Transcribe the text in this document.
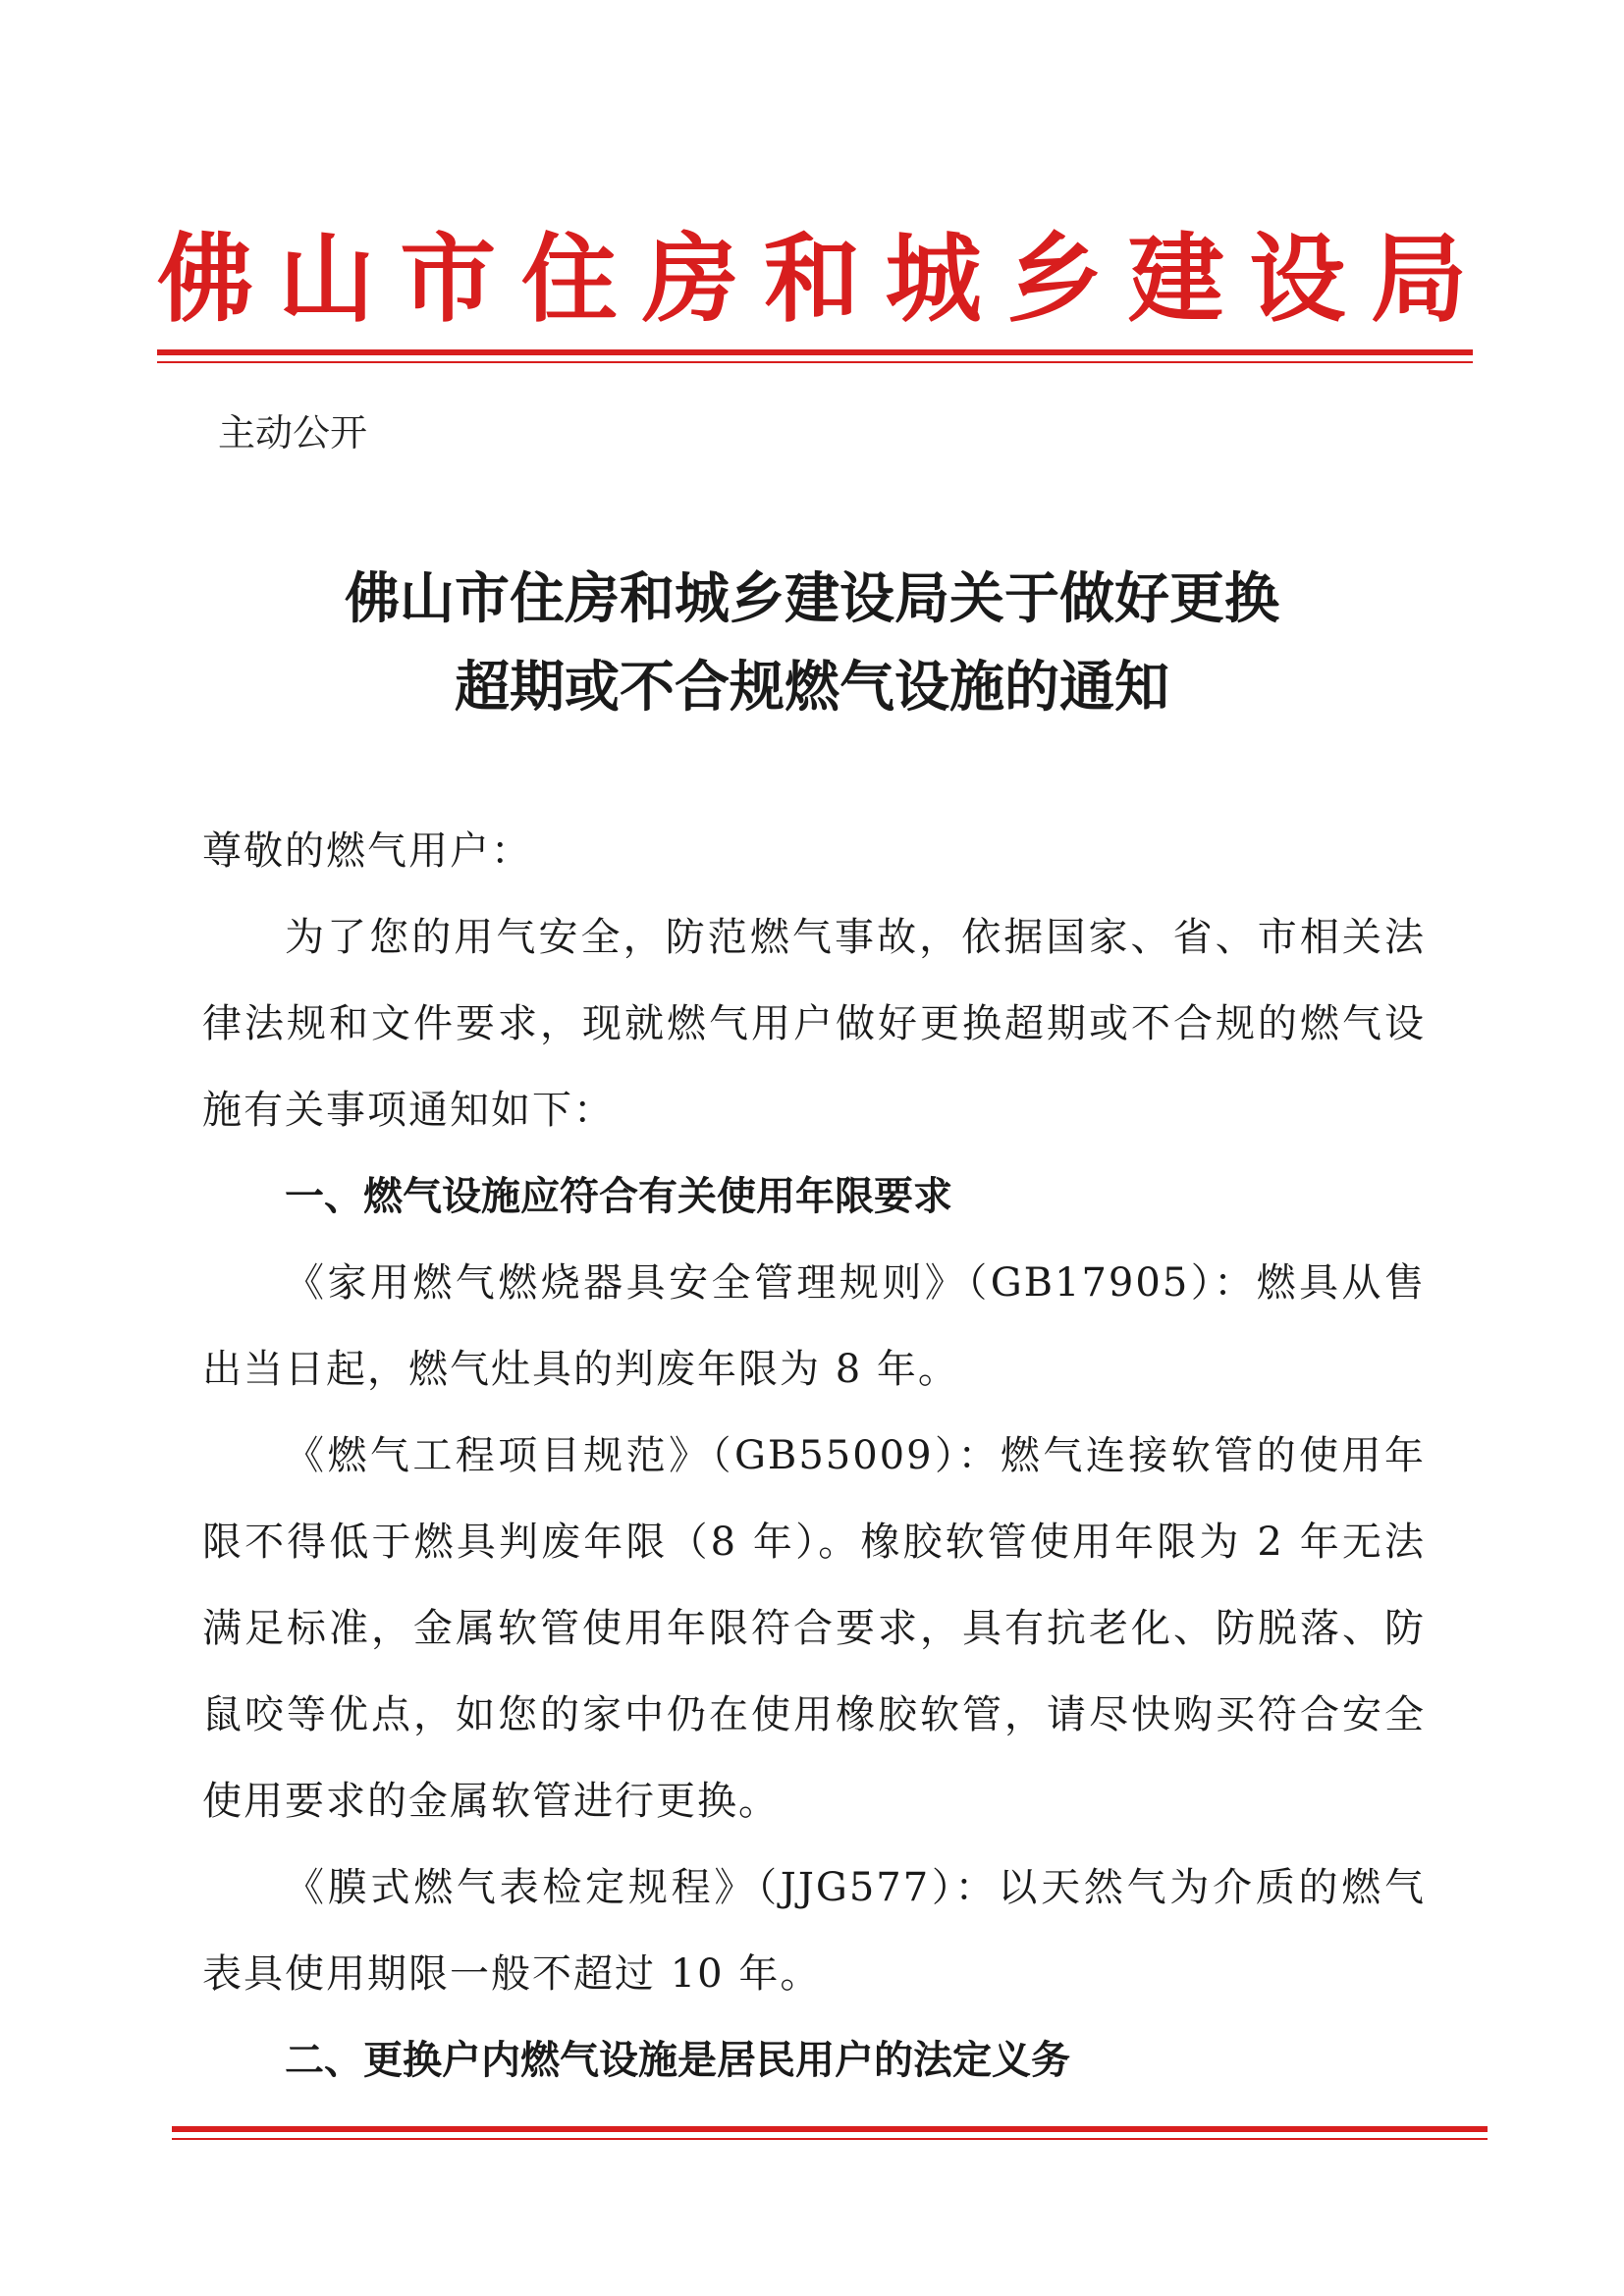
佛 山 市 住 房 和 城 乡 建 设 局
主动公开
佛山市住房和城乡建设局关于做好更换
超期或不合规燃气设施的通知
尊敬的燃气用户：
为了您的用气安全，防范燃气事故，依据国家、省、市相关法
律法规和文件要求，现就燃气用户做好更换超期或不合规的燃气设
施有关事项通知如下：
一、燃气设施应符合有关使用年限要求
《家用燃气燃烧器具安全管理规则》（GB17905）：燃具从售
出当日起，燃气灶具的判废年限为 8 年。
《燃气工程项目规范》（GB55009）：燃气连接软管的使用年
限不得低于燃具判废年限（8 年）。橡胶软管使用年限为 2 年无法
满足标准，金属软管使用年限符合要求，具有抗老化、防脱落、防
鼠咬等优点，如您的家中仍在使用橡胶软管，请尽快购买符合安全
使用要求的金属软管进行更换。
《膜式燃气表检定规程》（JJG577）：以天然气为介质的燃气
表具使用期限一般不超过 10 年。
二、更换户内燃气设施是居民用户的法定义务
